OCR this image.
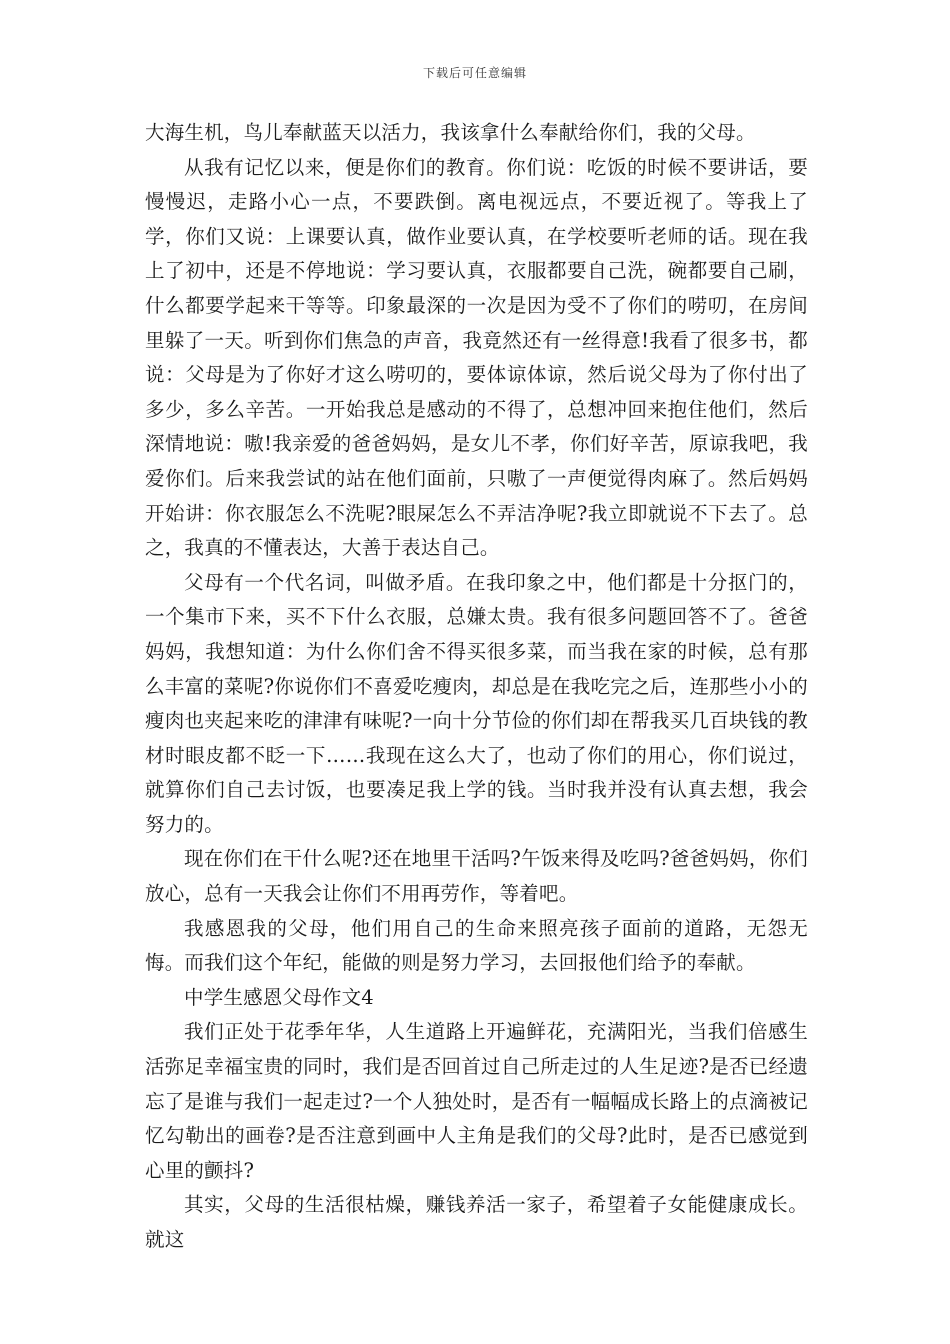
下载后可任意编辑

大海生机，鸟儿奉献蓝天以活力，我该拿什么奉献给你们，我的父母。

从我有记忆以来，便是你们的教育。你们说：吃饭的时候不要讲话，要慢慢迟，走路小心一点，不要跌倒。离电视远点，不要近视了。等我上了学，你们又说：上课要认真，做作业要认真，在学校要听老师的话。现在我上了初中，还是不停地说：学习要认真，衣服都要自己洗，碗都要自己刷，什么都要学起来干等等。印象最深的一次是因为受不了你们的唠叨，在房间里躲了一天。听到你们焦急的声音，我竟然还有一丝得意!我看了很多书，都说：父母是为了你好才这么唠叨的，要体谅体谅，然后说父母为了你付出了多少，多么辛苦。一开始我总是感动的不得了，总想冲回来抱住他们，然后深情地说：嗷!我亲爱的爸爸妈妈，是女儿不孝，你们好辛苦，原谅我吧，我爱你们。后来我尝试的站在他们面前，只嗷了一声便觉得肉麻了。然后妈妈开始讲：你衣服怎么不洗呢?眼屎怎么不弄洁净呢?我立即就说不下去了。总之，我真的不懂表达，大善于表达自己。

父母有一个代名词，叫做矛盾。在我印象之中，他们都是十分抠门的，一个集市下来，买不下什么衣服，总嫌太贵。我有很多问题回答不了。爸爸妈妈，我想知道：为什么你们舍不得买很多菜，而当我在家的时候，总有那么丰富的菜呢?你说你们不喜爱吃瘦肉，却总是在我吃完之后，连那些小小的瘦肉也夹起来吃的津津有味呢?一向十分节俭的你们却在帮我买几百块钱的教材时眼皮都不眨一下……我现在这么大了，也动了你们的用心，你们说过，就算你们自己去讨饭，也要凑足我上学的钱。当时我并没有认真去想，我会努力的。

现在你们在干什么呢?还在地里干活吗?午饭来得及吃吗?爸爸妈妈，你们放心，总有一天我会让你们不用再劳作，等着吧。

我感恩我的父母，他们用自己的生命来照亮孩子面前的道路，无怨无悔。而我们这个年纪，能做的则是努力学习，去回报他们给予的奉献。

中学生感恩父母作文4

我们正处于花季年华，人生道路上开遍鲜花，充满阳光，当我们倍感生活弥足幸福宝贵的同时，我们是否回首过自己所走过的人生足迹?是否已经遗忘了是谁与我们一起走过?一个人独处时，是否有一幅幅成长路上的点滴被记忆勾勒出的画卷?是否注意到画中人主角是我们的父母?此时，是否已感觉到心里的颤抖?

其实，父母的生活很枯燥，赚钱养活一家子，希望着子女能健康成长。就这
